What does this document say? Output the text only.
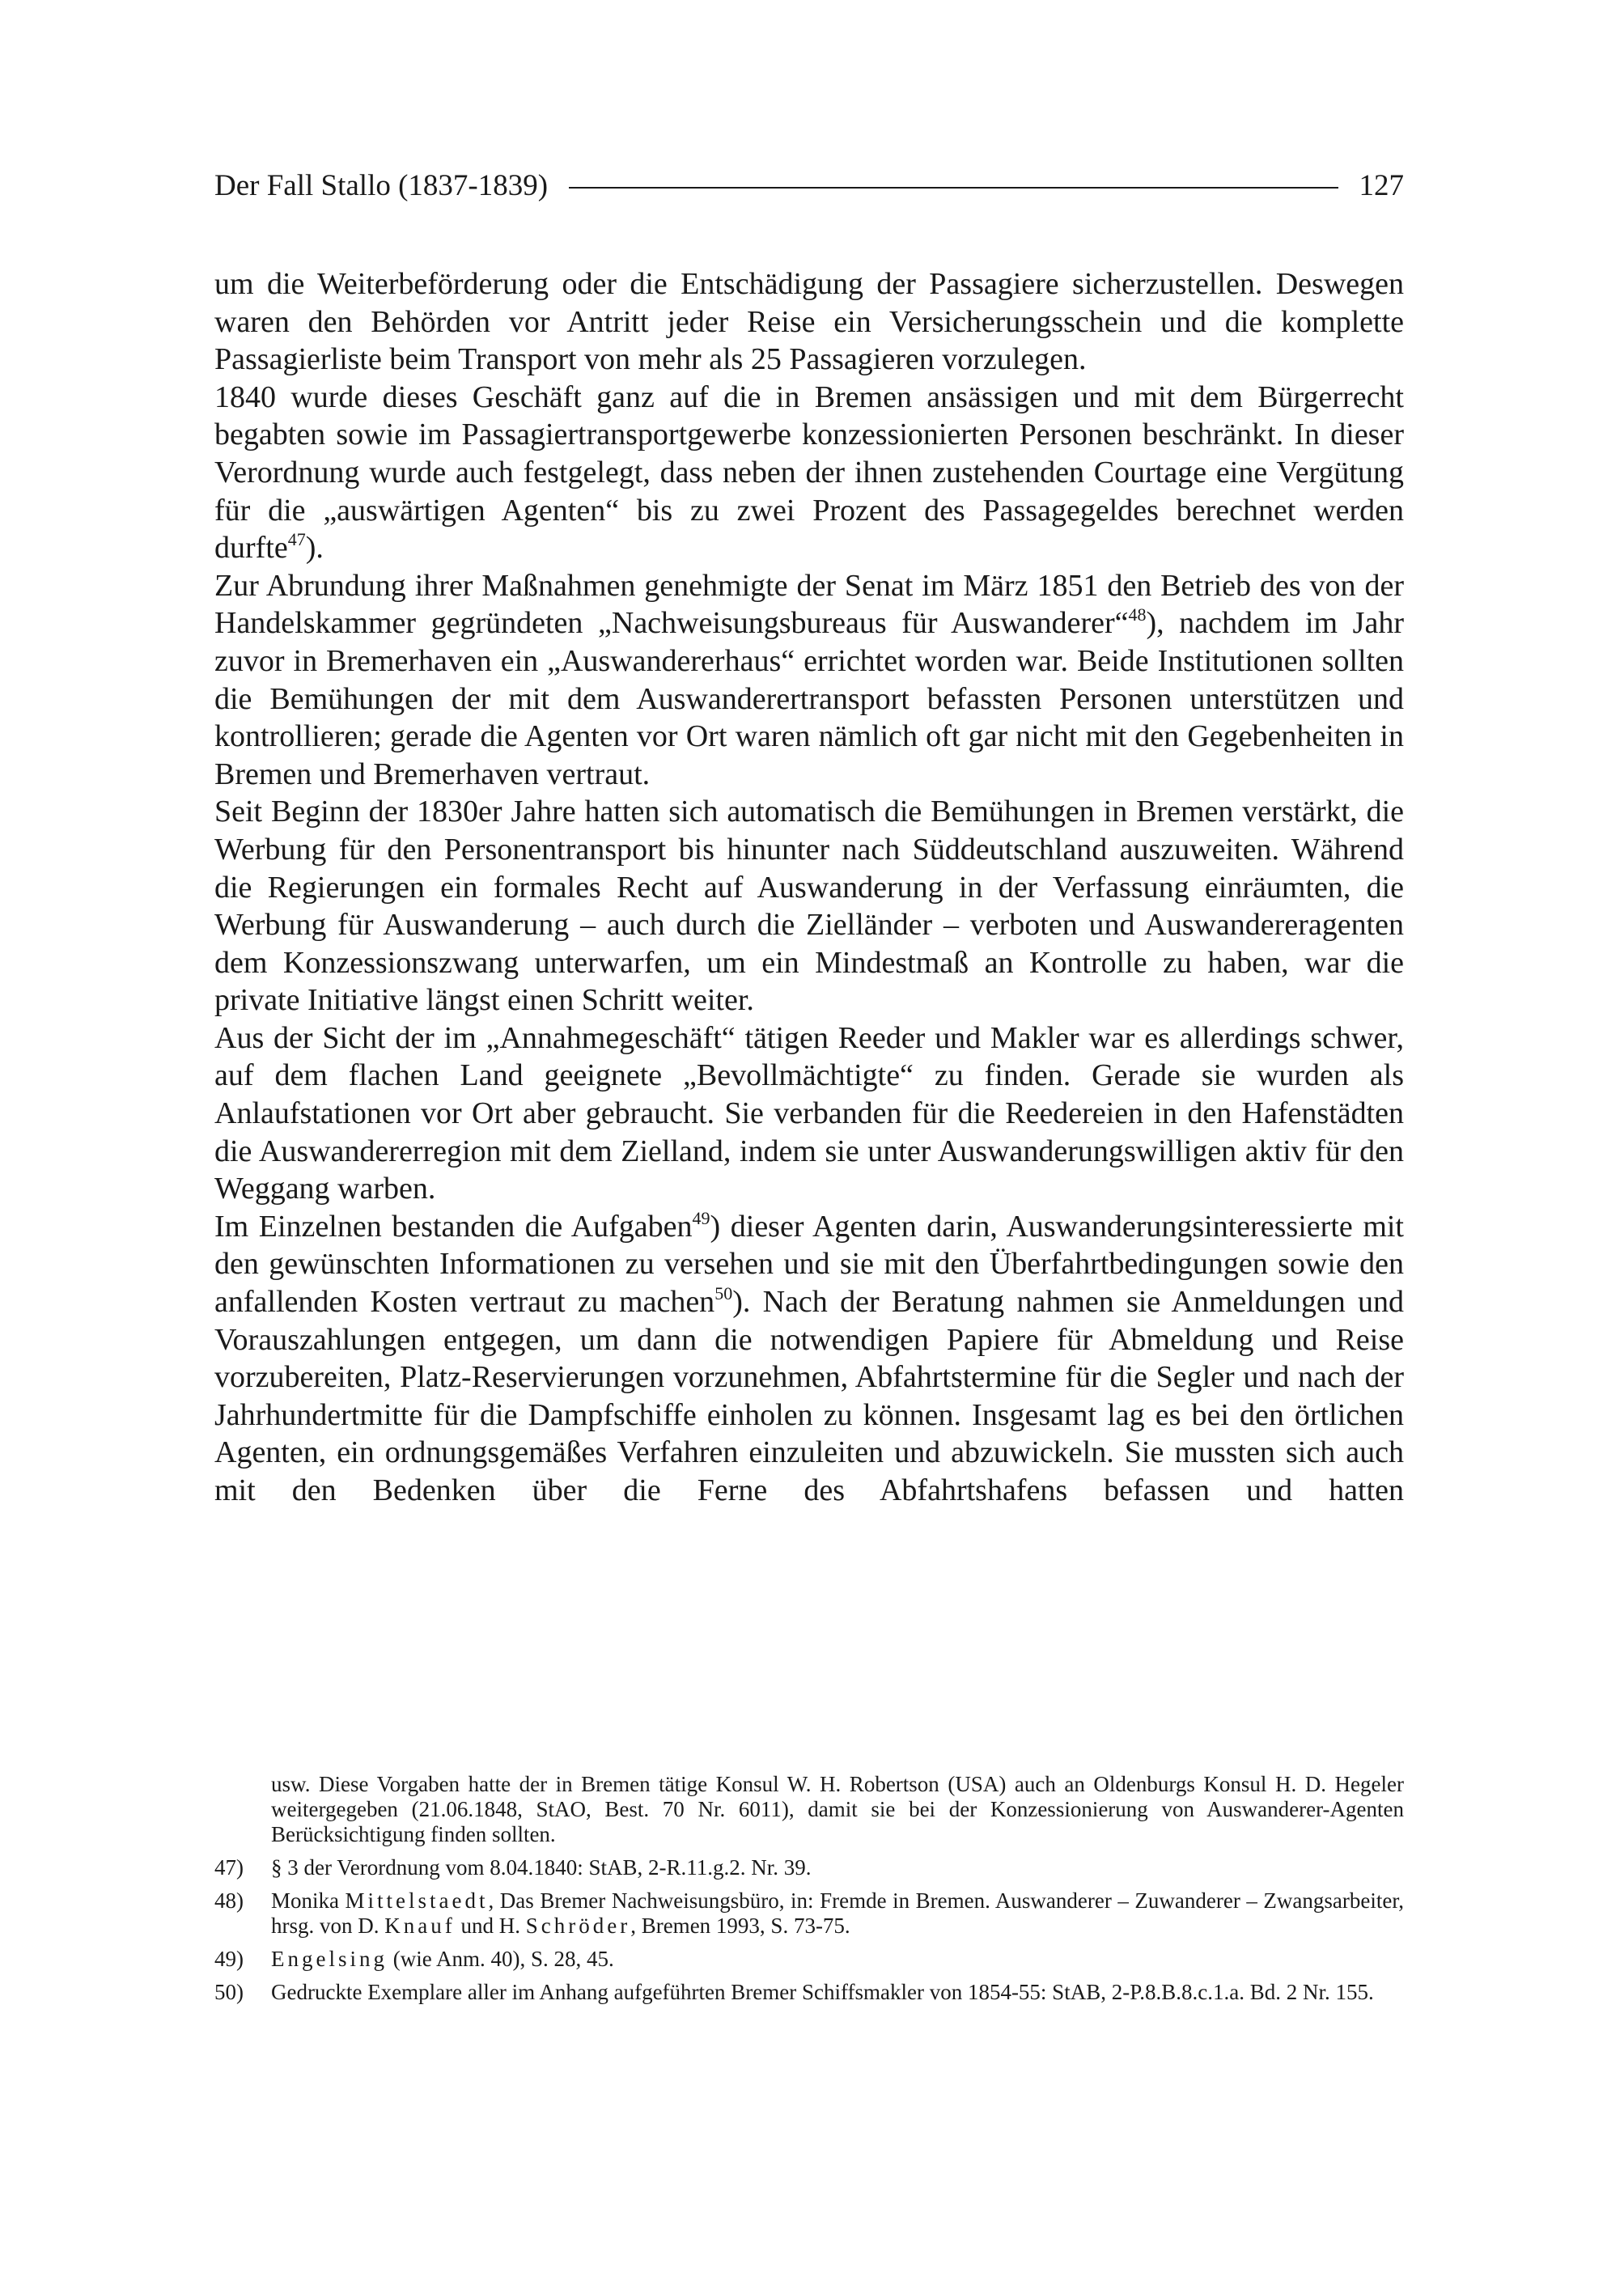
Der Fall Stallo (1837-1839)	127

um die Weiterbeförderung oder die Entschädigung der Passagiere sicherzustellen. Deswegen waren den Behörden vor Antritt jeder Reise ein Versicherungsschein und die komplette Passagierliste beim Transport von mehr als 25 Passagieren vorzulegen.

1840 wurde dieses Geschäft ganz auf die in Bremen ansässigen und mit dem Bürgerrecht begabten sowie im Passagiertransportgewerbe konzessionierten Personen beschränkt. In dieser Verordnung wurde auch festgelegt, dass neben der ihnen zustehenden Courtage eine Vergütung für die „auswärtigen Agenten“ bis zu zwei Prozent des Passagegeldes berechnet werden durfte$^{47}$).

Zur Abrundung ihrer Maßnahmen genehmigte der Senat im März 1851 den Betrieb des von der Handelskammer gegründeten „Nachweisungsbureaus für Auswanderer“$^{48}$), nachdem im Jahr zuvor in Bremerhaven ein „Auswandererhaus“ errichtet worden war. Beide Institutionen sollten die Bemühungen der mit dem Auswanderertransport befassten Personen unterstützen und kontrollieren; gerade die Agenten vor Ort waren nämlich oft gar nicht mit den Gegebenheiten in Bremen und Bremerhaven vertraut.

Seit Beginn der 1830er Jahre hatten sich automatisch die Bemühungen in Bremen verstärkt, die Werbung für den Personentransport bis hinunter nach Süddeutschland auszuweiten. Während die Regierungen ein formales Recht auf Auswanderung in der Verfassung einräumten, die Werbung für Auswanderung – auch durch die Zielländer – verboten und Auswandereragenten dem Konzessionszwang unterwarfen, um ein Mindestmaß an Kontrolle zu haben, war die private Initiative längst einen Schritt weiter.

Aus der Sicht der im „Annahmegeschäft“ tätigen Reeder und Makler war es allerdings schwer, auf dem flachen Land geeignete „Bevollmächtigte“ zu finden. Gerade sie wurden als Anlaufstationen vor Ort aber gebraucht. Sie verbanden für die Reedereien in den Hafenstädten die Auswandererregion mit dem Zielland, indem sie unter Auswanderungswilligen aktiv für den Weggang warben.

Im Einzelnen bestanden die Aufgaben$^{49}$) dieser Agenten darin, Auswanderungsinteressierte mit den gewünschten Informationen zu versehen und sie mit den Überfahrtbedingungen sowie den anfallenden Kosten vertraut zu machen$^{50}$). Nach der Beratung nahmen sie Anmeldungen und Vorauszahlungen entgegen, um dann die notwendigen Papiere für Abmeldung und Reise vorzubereiten, Platz-Reservierungen vorzunehmen, Abfahrtstermine für die Segler und nach der Jahrhundertmitte für die Dampfschiffe einholen zu können. Insgesamt lag es bei den örtlichen Agenten, ein ordnungsgemäßes Verfahren einzuleiten und abzuwickeln. Sie mussten sich auch mit den Bedenken über die Ferne des Abfahrtshafens befassen und hatten

usw. Diese Vorgaben hatte der in Bremen tätige Konsul W. H. Robertson (USA) auch an Oldenburgs Konsul H. D. Hegeler weitergegeben (21.06.1848, StAO, Best. 70 Nr. 6011), damit sie bei der Konzessionierung von Auswanderer-Agenten Berücksichtigung finden sollten.
47)	§ 3 der Verordnung vom 8.04.1840: StAB, 2-R.11.g.2. Nr. 39.
48)	Monika Mittelstaedt, Das Bremer Nachweisungsbüro, in: Fremde in Bremen. Auswanderer – Zuwanderer – Zwangsarbeiter, hrsg. von D. Knauf und H. Schröder, Bremen 1993, S. 73-75.
49)	Engelsing (wie Anm. 40), S. 28, 45.
50)	Gedruckte Exemplare aller im Anhang aufgeführten Bremer Schiffsmakler von 1854-55: StAB, 2-P.8.B.8.c.1.a. Bd. 2 Nr. 155.
